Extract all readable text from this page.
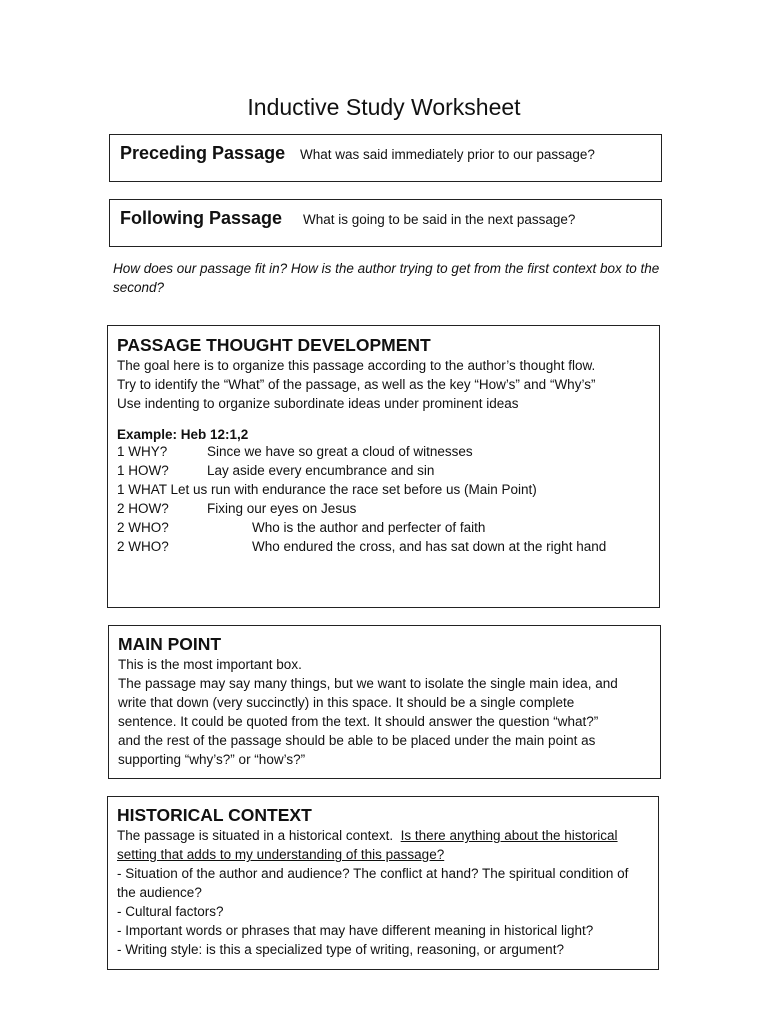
Inductive Study Worksheet
Preceding Passage What was said immediately prior to our passage?
Following Passage What is going to be said in the next passage?
How does our passage fit in? How is the author trying to get from the first context box to the second?
PASSAGE THOUGHT DEVELOPMENT
The goal here is to organize this passage according to the author’s thought flow.
Try to identify the “What” of the passage, as well as the key “How’s” and “Why’s”
Use indenting to organize subordinate ideas under prominent ideas
Example: Heb 12:1,2
1 WHY?	Since we have so great a cloud of witnesses
1 HOW?	Lay aside every encumbrance and sin
1 WHAT Let us run with endurance the race set before us (Main Point)
2 HOW?	Fixing our eyes on Jesus
2 WHO?	Who is the author and perfecter of faith
2 WHO?	Who endured the cross, and has sat down at the right hand
MAIN POINT
This is the most important box.
The passage may say many things, but we want to isolate the single main idea, and
write that down (very succinctly) in this space. It should be a single complete
sentence. It could be quoted from the text. It should answer the question “what?”
and the rest of the passage should be able to be placed under the main point as
supporting “why’s?” or “how’s?”
HISTORICAL CONTEXT
The passage is situated in a historical context. Is there anything about the historical
setting that adds to my understanding of this passage?
- Situation of the author and audience? The conflict at hand? The spiritual condition of
the audience?
- Cultural factors?
- Important words or phrases that may have different meaning in historical light?
- Writing style: is this a specialized type of writing, reasoning, or argument?
